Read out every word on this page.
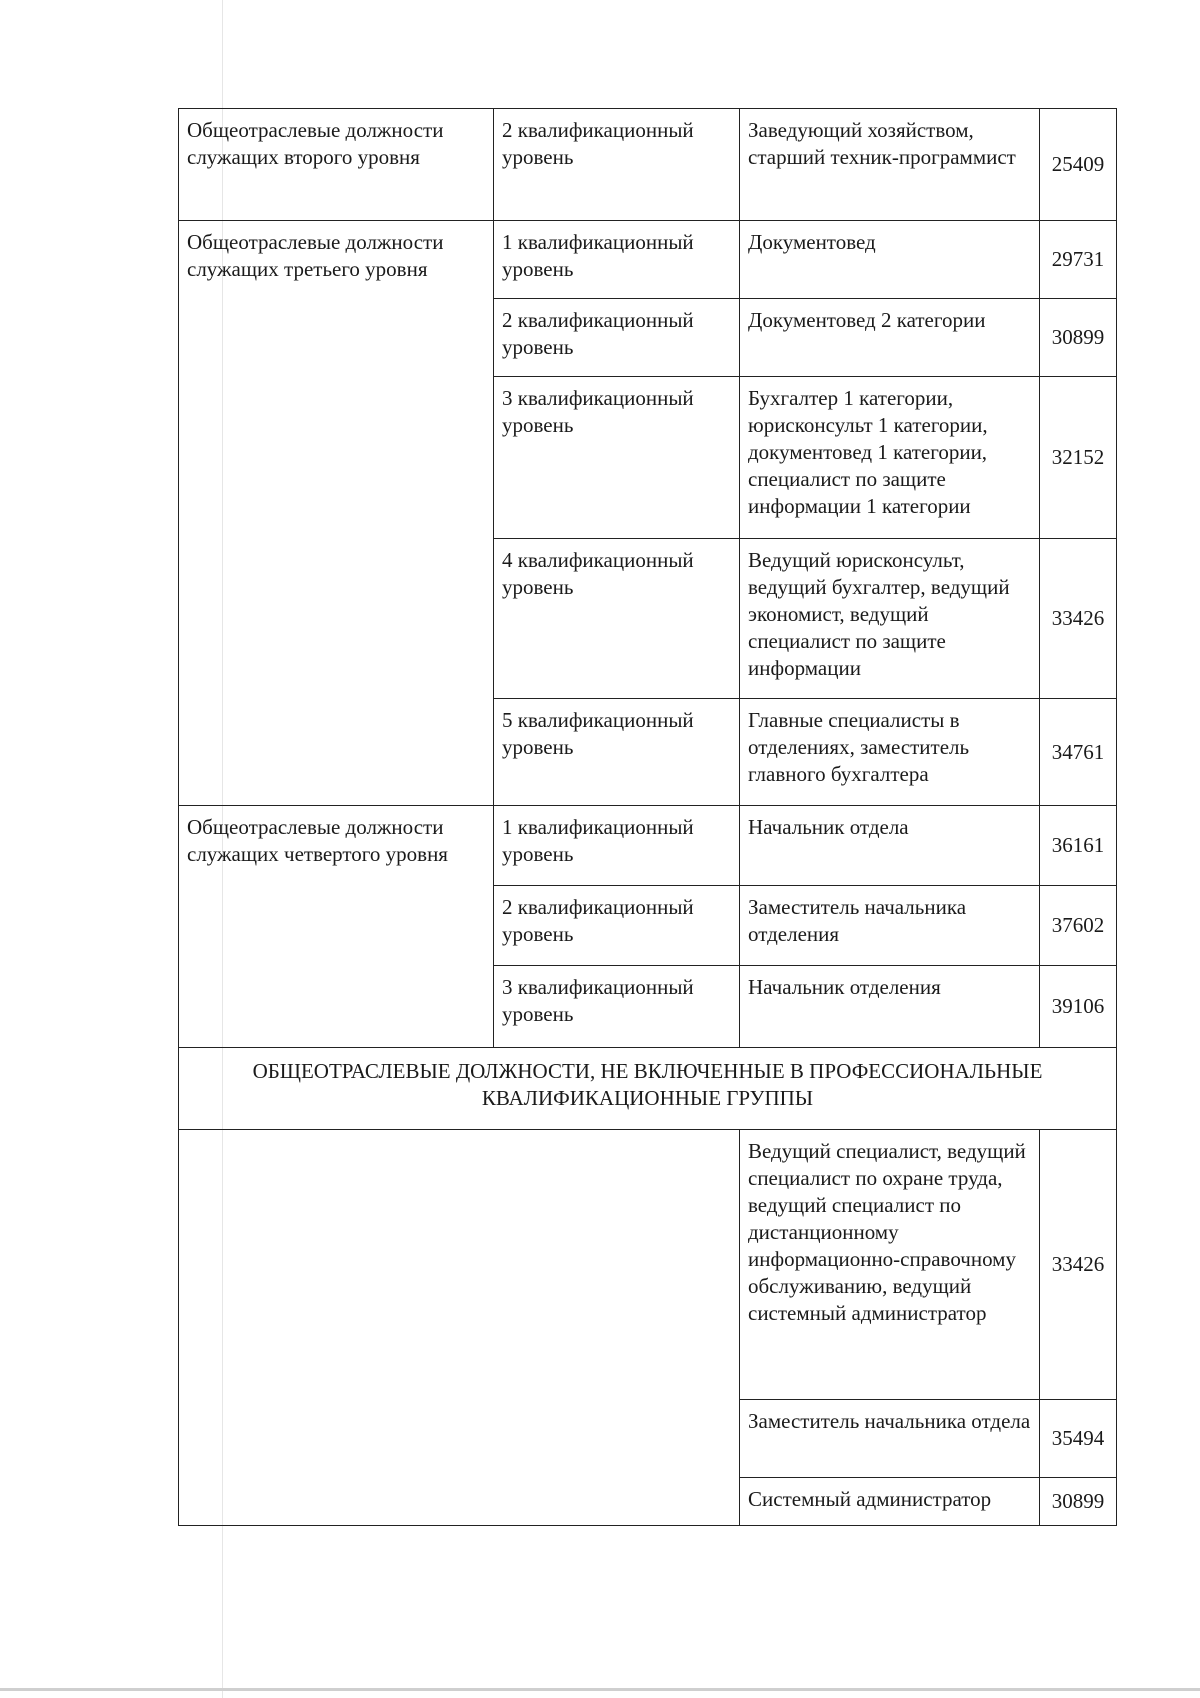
Общеотраслевые должности служащих второго уровня	2 квалификационный уровень	Заведующий хозяйством, старший техник-программист	25409
Общеотраслевые должности служащих третьего уровня	1 квалификационный уровень	Документовед	29731
	2 квалификационный уровень	Документовед 2 категории	30899
	3 квалификационный уровень	Бухгалтер 1 категории, юрисконсульт 1 категории, документовед 1 категории, специалист по защите информации 1 категории	32152
	4 квалификационный уровень	Ведущий юрисконсульт, ведущий бухгалтер, ведущий экономист, ведущий специалист по защите информации	33426
	5 квалификационный уровень	Главные специалисты в отделениях, заместитель главного бухгалтера	34761
Общеотраслевые должности служащих четвертого уровня	1 квалификационный уровень	Начальник отдела	36161
	2 квалификационный уровень	Заместитель начальника отделения	37602
	3 квалификационный уровень	Начальник отделения	39106
ОБЩЕОТРАСЛЕВЫЕ ДОЛЖНОСТИ, НЕ ВКЛЮЧЕННЫЕ В ПРОФЕССИОНАЛЬНЫЕ КВАЛИФИКАЦИОННЫЕ ГРУППЫ			
		Ведущий специалист, ведущий специалист по охране труда, ведущий специалист по дистанционному информационно-справочному обслуживанию, ведущий системный администратор	33426
		Заместитель начальника отдела	35494
		Системный администратор	30899
